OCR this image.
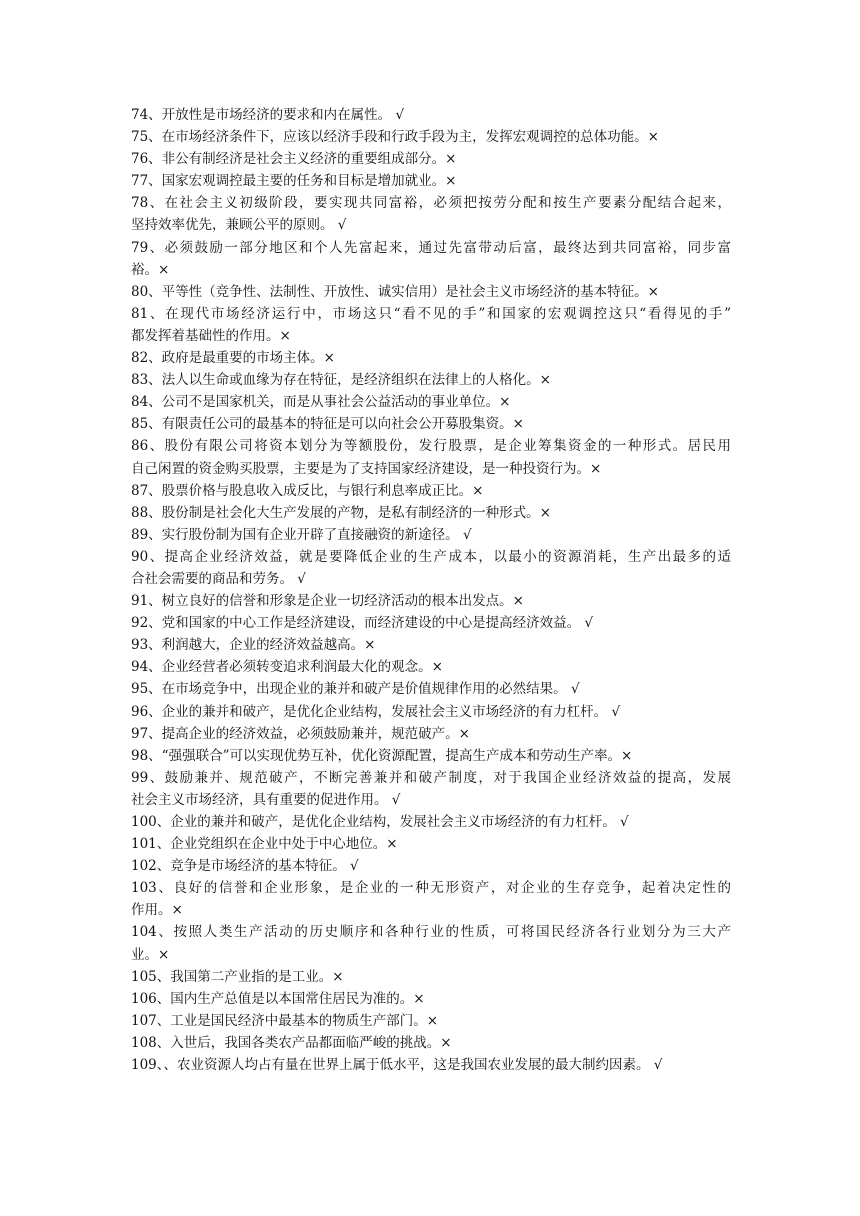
74、开放性是市场经济的要求和内在属性。 √
75、在市场经济条件下，应该以经济手段和行政手段为主，发挥宏观调控的总体功能。×
76、非公有制经济是社会主义经济的重要组成部分。×
77、国家宏观调控最主要的任务和目标是增加就业。×
78、在社会主义初级阶段，要实现共同富裕，必须把按劳分配和按生产要素分配结合起来，
坚持效率优先，兼顾公平的原则。 √
79、必须鼓励一部分地区和个人先富起来，通过先富带动后富，最终达到共同富裕，同步富
裕。×
80、平等性（竞争性、法制性、开放性、诚实信用）是社会主义市场经济的基本特征。×
81、在现代市场经济运行中，市场这只“看不见的手”和国家的宏观调控这只“看得见的手”
都发挥着基础性的作用。×
82、政府是最重要的市场主体。×
83、法人以生命或血缘为存在特征，是经济组织在法律上的人格化。×
84、公司不是国家机关，而是从事社会公益活动的事业单位。×
85、有限责任公司的最基本的特征是可以向社会公开募股集资。×
86、股份有限公司将资本划分为等额股份，发行股票，是企业筹集资金的一种形式。居民用
自己闲置的资金购买股票，主要是为了支持国家经济建设，是一种投资行为。×
87、股票价格与股息收入成反比，与银行利息率成正比。×
88、股份制是社会化大生产发展的产物，是私有制经济的一种形式。×
89、实行股份制为国有企业开辟了直接融资的新途径。 √
90、提高企业经济效益，就是要降低企业的生产成本，以最小的资源消耗，生产出最多的适
合社会需要的商品和劳务。 √
91、树立良好的信誉和形象是企业一切经济活动的根本出发点。×
92、党和国家的中心工作是经济建设，而经济建设的中心是提高经济效益。 √
93、利润越大，企业的经济效益越高。×
94、企业经营者必须转变追求利润最大化的观念。×
95、在市场竞争中，出现企业的兼并和破产是价值规律作用的必然结果。 √
96、企业的兼并和破产，是优化企业结构，发展社会主义市场经济的有力杠杆。 √
97、提高企业的经济效益，必须鼓励兼并，规范破产。×
98、“强强联合”可以实现优势互补，优化资源配置，提高生产成本和劳动生产率。×
99、鼓励兼并、规范破产，不断完善兼并和破产制度，对于我国企业经济效益的提高，发展
社会主义市场经济，具有重要的促进作用。 √
100、企业的兼并和破产，是优化企业结构，发展社会主义市场经济的有力杠杆。 √
101、企业党组织在企业中处于中心地位。×
102、竞争是市场经济的基本特征。 √
103、良好的信誉和企业形象，是企业的一种无形资产，对企业的生存竞争，起着决定性的
作用。×
104、按照人类生产活动的历史顺序和各种行业的性质，可将国民经济各行业划分为三大产
业。×
105、我国第二产业指的是工业。×
106、国内生产总值是以本国常住居民为准的。×
107、工业是国民经济中最基本的物质生产部门。×
108、入世后，我国各类农产品都面临严峻的挑战。×
109、、农业资源人均占有量在世界上属于低水平，这是我国农业发展的最大制约因素。 √
